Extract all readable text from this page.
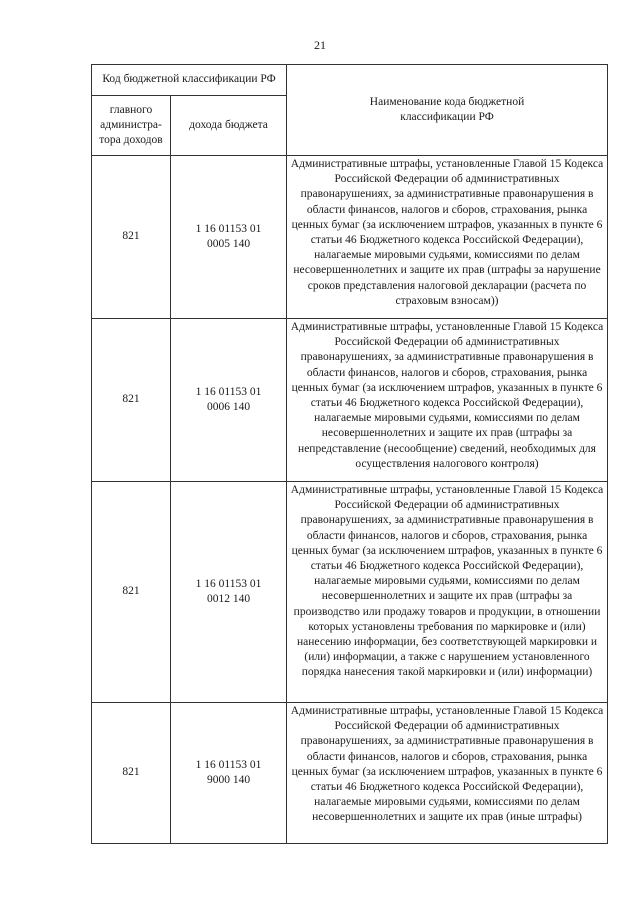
21
Код бюджетной классификации РФ		Наименование кода бюджетной классификации РФ
главного администра-тора доходов	дохода бюджета	
821	1 16 01153 01 0005 140	Административные штрафы, установленные Главой 15 Кодекса Российской Федерации об административных правонарушениях, за административные правонарушения в области финансов, налогов и сборов, страхования, рынка ценных бумаг (за исключением штрафов, указанных в пункте 6 статьи 46 Бюджетного кодекса Российской Федерации), налагаемые мировыми судьями, комиссиями по делам несовершеннолетних и защите их прав (штрафы за нарушение сроков представления налоговой декларации (расчета по страховым взносам))
821	1 16 01153 01 0006 140	Административные штрафы, установленные Главой 15 Кодекса Российской Федерации об административных правонарушениях, за административные правонарушения в области финансов, налогов и сборов, страхования, рынка ценных бумаг (за исключением штрафов, указанных в пункте 6 статьи 46 Бюджетного кодекса Российской Федерации), налагаемые мировыми судьями, комиссиями по делам несовершеннолетних и защите их прав (штрафы за непредставление (несообщение) сведений, необходимых для осуществления налогового контроля)
821	1 16 01153 01 0012 140	Административные штрафы, установленные Главой 15 Кодекса Российской Федерации об административных правонарушениях, за административные правонарушения в области финансов, налогов и сборов, страхования, рынка ценных бумаг (за исключением штрафов, указанных в пункте 6 статьи 46 Бюджетного кодекса Российской Федерации), налагаемые мировыми судьями, комиссиями по делам несовершеннолетних и защите их прав (штрафы за производство или продажу товаров и продукции, в отношении которых установлены требования по маркировке и (или) нанесению информации, без соответствующей маркировки и (или) информации, а также с нарушением установленного порядка нанесения такой маркировки и (или) информации)
821	1 16 01153 01 9000 140	Административные штрафы, установленные Главой 15 Кодекса Российской Федерации об административных правонарушениях, за административные правонарушения в области финансов, налогов и сборов, страхования, рынка ценных бумаг (за исключением штрафов, указанных в пункте 6 статьи 46 Бюджетного кодекса Российской Федерации), налагаемые мировыми судьями, комиссиями по делам несовершеннолетних и защите их прав (иные штрафы)
